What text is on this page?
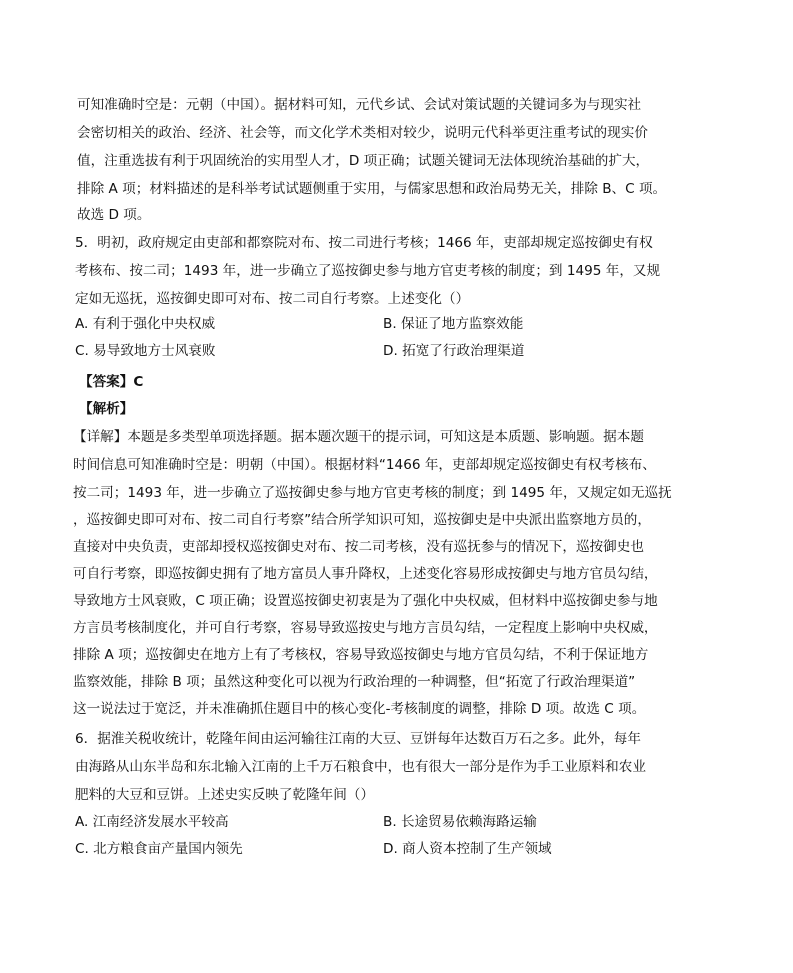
可知准确时空是：元朝（中国）。据材料可知，元代乡试、会试对策试题的关键词多为与现实社
会密切相关的政治、经济、社会等，而文化学术类相对较少，说明元代科举更注重考试的现实价
值，注重选拔有利于巩固统治的实用型人才，D 项正确；试题关键词无法体现统治基础的扩大，
排除 A 项；材料描述的是科举考试试题侧重于实用，与儒家思想和政治局势无关，排除 B、C 项。
故选 D 项。
5．明初，政府规定由吏部和都察院对布、按二司进行考核；1466 年，吏部却规定巡按御史有权
考核布、按二司；1493 年，进一步确立了巡按御史参与地方官吏考核的制度；到 1495 年，又规
定如无巡抚，巡按御史即可对布、按二司自行考察。上述变化（）
A. 有利于强化中央权威	B. 保证了地方监察效能
C. 易导致地方士风衰败	D. 拓宽了行政治理渠道
【答案】C
【解析】
【详解】本题是多类型单项选择题。据本题次题干的提示词，可知这是本质题、影响题。据本题
时间信息可知准确时空是：明朝（中国）。根据材料“1466 年，吏部却规定巡按御史有权考核布、
按二司；1493 年，进一步确立了巡按御史参与地方官吏考核的制度；到 1495 年，又规定如无巡抚
，巡按御史即可对布、按二司自行考察”结合所学知识可知，巡按御史是中央派出监察地方员的，
直接对中央负责，吏部却授权巡按御史对布、按二司考核，没有巡抚参与的情况下，巡按御史也
可自行考察，即巡按御史拥有了地方富员人事升降权，上述变化容易形成按御史与地方官员勾结，
导致地方士风衰败，C 项正确；设置巡按御史初衷是为了强化中央权威，但材料中巡按御史参与地
方言员考核制度化，并可自行考察，容易导致巡按史与地方言员勾结，一定程度上影响中央权威，
排除 A 项；巡按御史在地方上有了考核权，容易导致巡按御史与地方官员勾结，不利于保证地方
监察效能，排除 B 项；虽然这种变化可以视为行政治理的一种调整，但“拓宽了行政治理渠道”
这一说法过于宽泛，并未准确抓住题目中的核心变化-考核制度的调整，排除 D 项。故选 C 项。
6．据淮关税收统计，乾隆年间由运河输往江南的大豆、豆饼每年达数百万石之多。此外，每年
由海路从山东半岛和东北输入江南的上千万石粮食中，也有很大一部分是作为手工业原料和农业
肥料的大豆和豆饼。上述史实反映了乾隆年间（）
A. 江南经济发展水平较高	B. 长途贸易依赖海路运输
C. 北方粮食亩产量国内领先	D. 商人资本控制了生产领域
